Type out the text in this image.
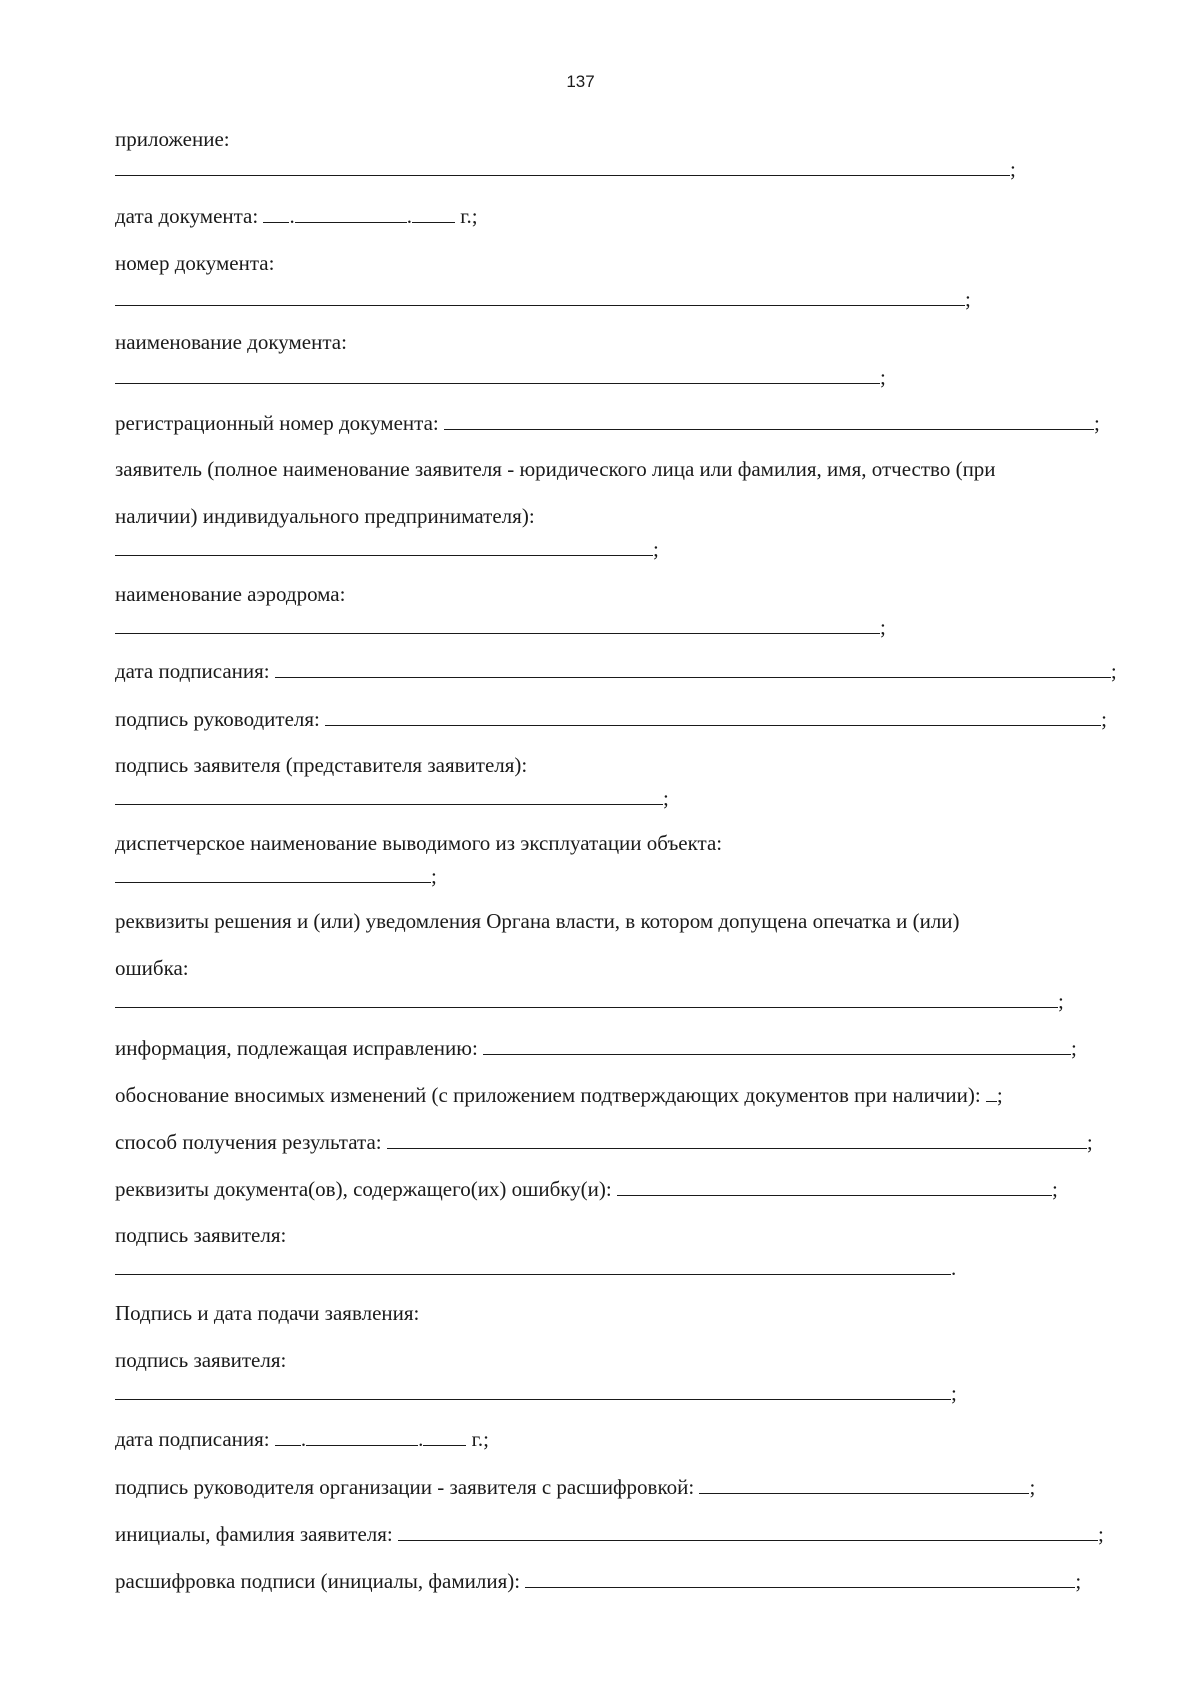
137
приложение:
;
дата документа: .	. г.;
номер документа:
;
наименование документа:
;
регистрационный номер документа:	;
заявитель (полное наименование заявителя - юридического лица или фамилия, имя, отчество (при
наличии) индивидуального предпринимателя):
;
наименование аэродрома:
;
дата подписания:	;
подпись руководителя:	;
подпись заявителя (представителя заявителя):
;
диспетчерское наименование выводимого из эксплуатации объекта:
;
реквизиты решения и (или) уведомления Органа власти, в котором допущена опечатка и (или)
ошибка:
;
информация, подлежащая исправлению:	;
обоснование вносимых изменений (с приложением подтверждающих документов при наличии): ;
способ получения результата:	;
реквизиты документа(ов), содержащего(их) ошибку(и):	;
подпись заявителя:
.
Подпись и дата подачи заявления:
подпись заявителя:
;
дата подписания: .	. г.;
подпись руководителя организации - заявителя с расшифровкой:	;
инициалы, фамилия заявителя:	;
расшифровка подписи (инициалы, фамилия):	;
